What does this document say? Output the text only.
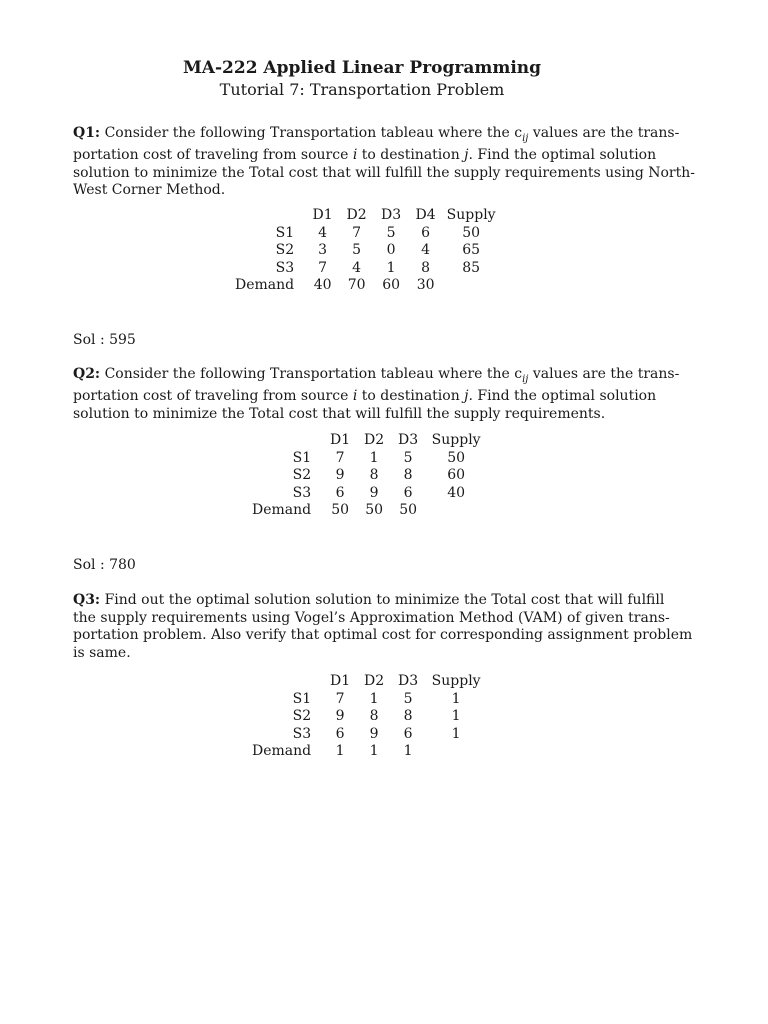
MA-222 Applied Linear Programming
Tutorial 7: Transportation Problem
Q1: Consider the following Transportation tableau where the $c_{ij}$ values are the trans-
portation cost of traveling from source i to destination j. Find the optimal solution
solution to minimize the Total cost that will fulfill the supply requirements using North-
West Corner Method.
	D1	D2	D3	D4	Supply
S1	4	7	5	6	50
S2	3	5	0	4	65
S3	7	4	1	8	85
Demand	40	70	60	30	
Sol : 595
Q2: Consider the following Transportation tableau where the $c_{ij}$ values are the trans-
portation cost of traveling from source i to destination j. Find the optimal solution
solution to minimize the Total cost that will fulfill the supply requirements.
	D1	D2	D3	Supply
S1	7	1	5	50
S2	9	8	8	60
S3	6	9	6	40
Demand	50	50	50	
Sol : 780
Q3: Find out the optimal solution solution to minimize the Total cost that will fulfill
the supply requirements using Vogel’s Approximation Method (VAM) of given trans-
portation problem. Also verify that optimal cost for corresponding assignment problem
is same.
	D1	D2	D3	Supply
S1	7	1	5	1
S2	9	8	8	1
S3	6	9	6	1
Demand	1	1	1	
